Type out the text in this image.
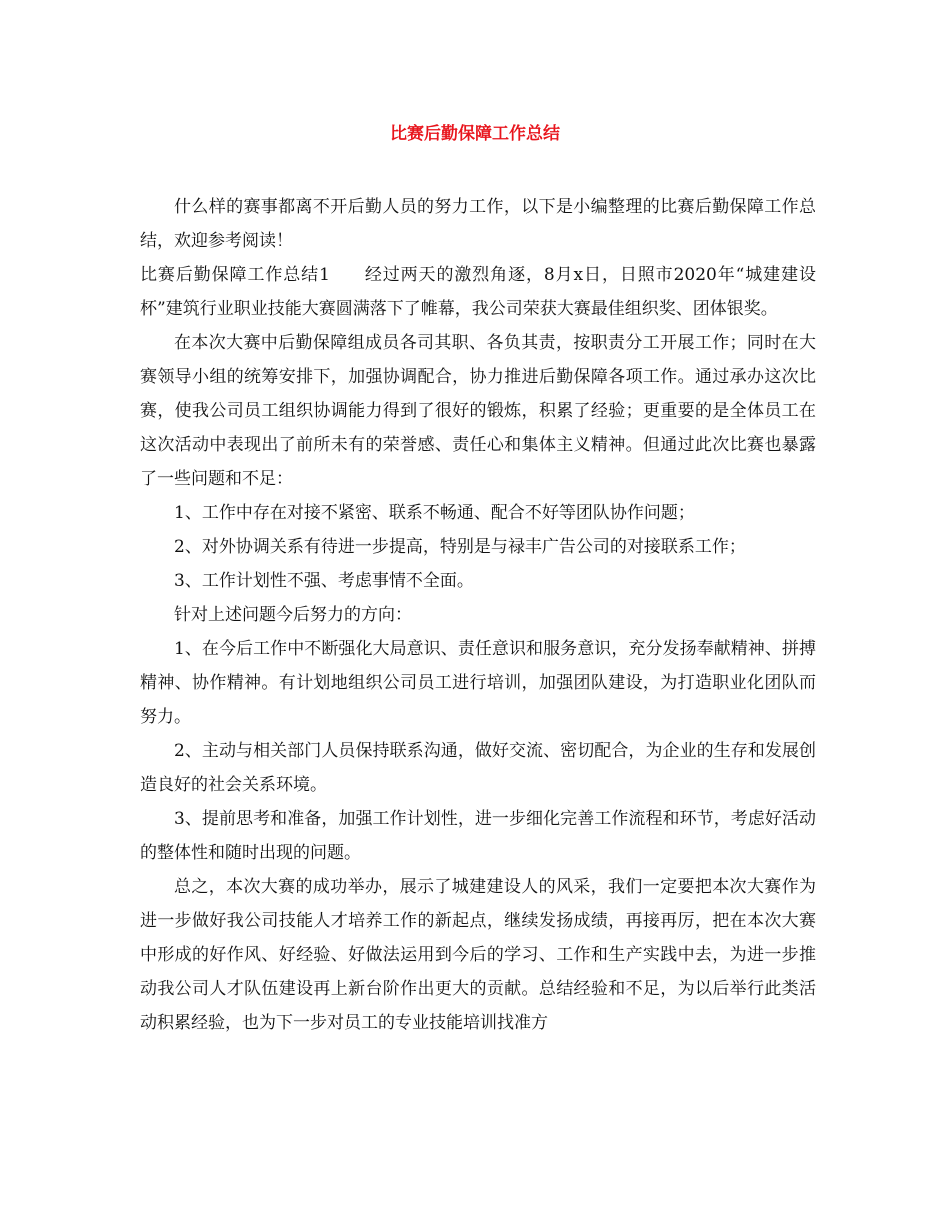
比赛后勤保障工作总结

什么样的赛事都离不开后勤人员的努力工作，以下是小编整理的比赛后勤保障工作总结，欢迎参考阅读！

比赛后勤保障工作总结1 经过两天的激烈角逐，8月x日，日照市2020年“城建建设杯”建筑行业职业技能大赛圆满落下了帷幕，我公司荣获大赛最佳组织奖、团体银奖。

在本次大赛中后勤保障组成员各司其职、各负其责，按职责分工开展工作；同时在大赛领导小组的统筹安排下，加强协调配合，协力推进后勤保障各项工作。通过承办这次比赛，使我公司员工组织协调能力得到了很好的锻炼，积累了经验；更重要的是全体员工在这次活动中表现出了前所未有的荣誉感、责任心和集体主义精神。但通过此次比赛也暴露了一些问题和不足：

1、工作中存在对接不紧密、联系不畅通、配合不好等团队协作问题；

2、对外协调关系有待进一步提高，特别是与禄丰广告公司的对接联系工作；

3、工作计划性不强、考虑事情不全面。

针对上述问题今后努力的方向：

1、在今后工作中不断强化大局意识、责任意识和服务意识，充分发扬奉献精神、拼搏精神、协作精神。有计划地组织公司员工进行培训，加强团队建设，为打造职业化团队而努力。

2、主动与相关部门人员保持联系沟通，做好交流、密切配合，为企业的生存和发展创造良好的社会关系环境。

3、提前思考和准备，加强工作计划性，进一步细化完善工作流程和环节，考虑好活动的整体性和随时出现的问题。

总之，本次大赛的成功举办，展示了城建建设人的风采，我们一定要把本次大赛作为进一步做好我公司技能人才培养工作的新起点，继续发扬成绩，再接再厉，把在本次大赛中形成的好作风、好经验、好做法运用到今后的学习、工作和生产实践中去，为进一步推动我公司人才队伍建设再上新台阶作出更大的贡献。总结经验和不足，为以后举行此类活动积累经验，也为下一步对员工的专业技能培训找准方
